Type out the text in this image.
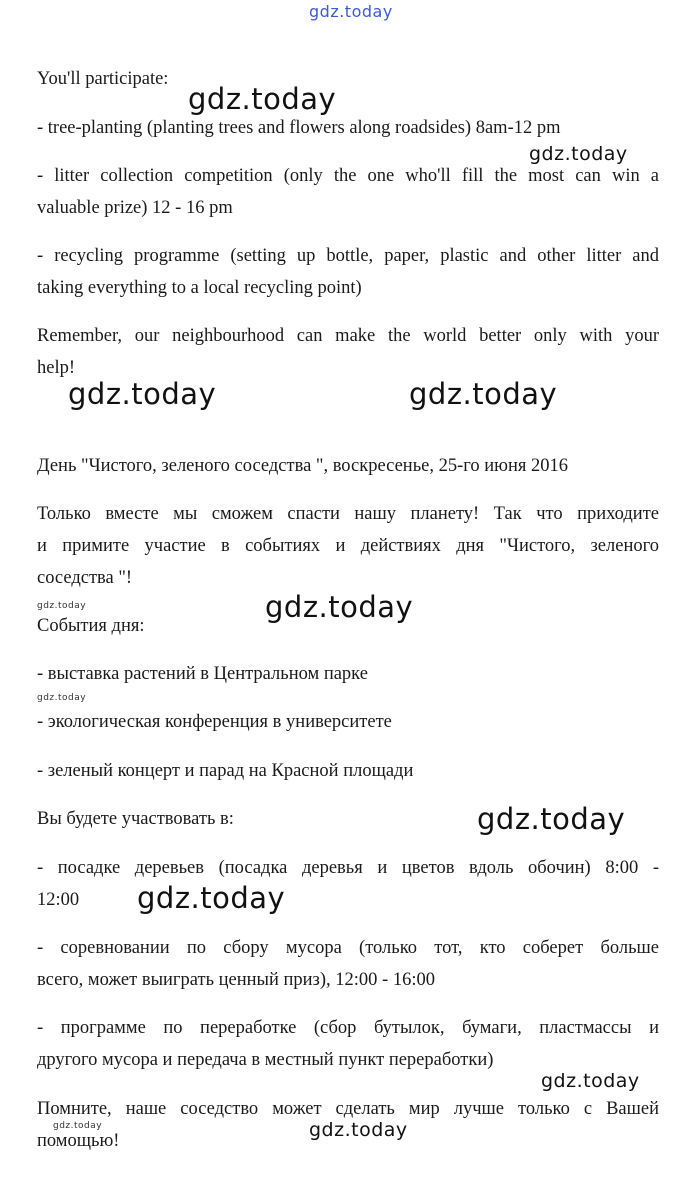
gdz.today
gdz.today
gdz.today
gdz.today	gdz.today
gdz.today	gdz.today
gdz.today
gdz.today
gdz.today
gdz.today
gdz.today	gdz.today
You'll participate:
- tree-planting (planting trees and flowers along roadsides) 8am-12 pm
- litter collection competition (only the one who'll fill the most can win a
valuable prize) 12 - 16 pm
- recycling programme (setting up bottle, paper, plastic and other litter and
taking everything to a local recycling point)
Remember, our neighbourhood can make the world better only with your
help!
День "Чистого, зеленого соседства ", воскресенье, 25-го июня 2016
Только вместе мы сможем спасти нашу планету! Так что приходите
и примите участие в событиях и действиях дня "Чистого, зеленого
соседства "!
События дня:
- выставка растений в Центральном парке
- экологическая конференция в университете
- зеленый концерт и парад на Красной площади
Вы будете участвовать в:
- посадке деревьев (посадка деревья и цветов вдоль обочин) 8:00 -
12:00
- соревновании по сбору мусора (только тот, кто соберет больше
всего, может выиграть ценный приз), 12:00 - 16:00
- программе по переработке (сбор бутылок, бумаги, пластмассы и
другого мусора и передача в местный пункт переработки)
Помните, наше соседство может сделать мир лучше только с Вашей
помощью!
